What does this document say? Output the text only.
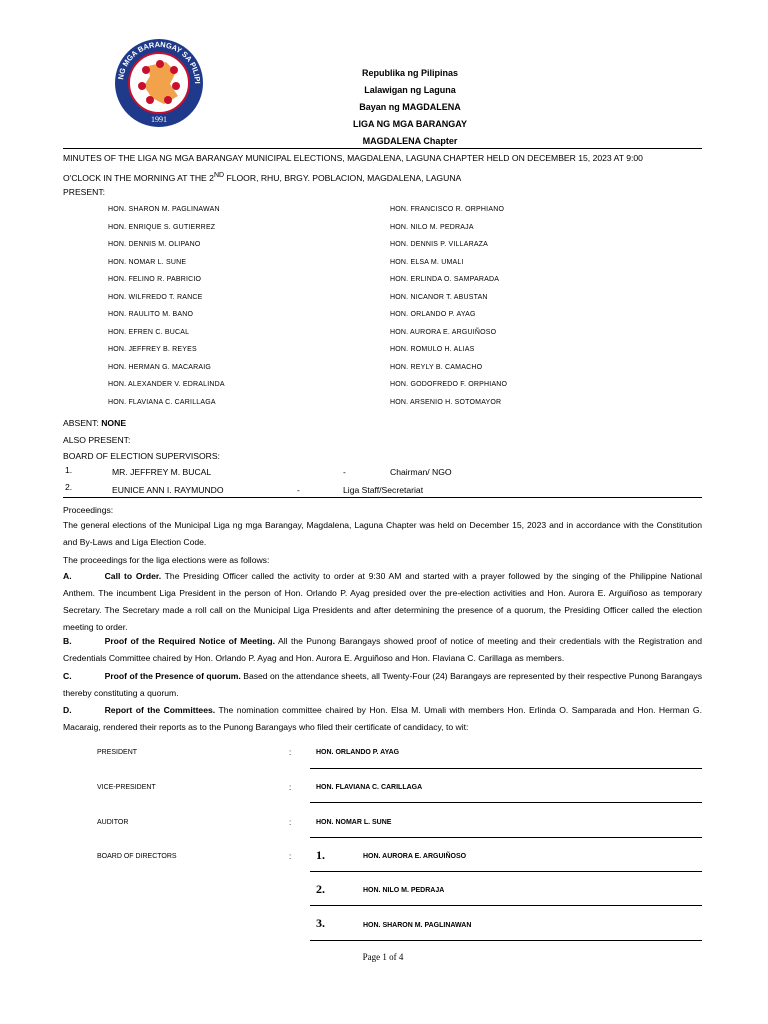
NG MGA BARANGAY SA PILIPI
1991
Republika ng Pilipinas
Lalawigan ng Laguna
Bayan ng MAGDALENA
LIGA NG MGA BARANGAY
MAGDALENA Chapter
MINUTES OF THE LIGA NG MGA BARANGAY MUNICIPAL ELECTIONS, MAGDALENA, LAGUNA CHAPTER HELD ON DECEMBER 15, 2023 AT 9:00
O'CLOCK IN THE MORNING AT THE 2ND FLOOR, RHU, BRGY. POBLACION, MAGDALENA, LAGUNA
PRESENT:
HON. SHARON M. PAGLINAWAN
HON. ENRIQUE S. GUTIERREZ
HON. DENNIS M. OLIPANO
HON. NOMAR L. SUNE
HON. FELINO R. PABRICIO
HON. WILFREDO T. RANCE
HON. RAULITO M. BANO
HON. EFREN C. BUCAL
HON. JEFFREY B. REYES
HON. HERMAN G. MACARAIG
HON. ALEXANDER V. EDRALINDA
HON. FLAVIANA C. CARILLAGA
HON. FRANCISCO R. ORPHIANO
HON. NILO M. PEDRAJA
HON. DENNIS P. VILLARAZA
HON. ELSA M. UMALI
HON. ERLINDA O. SAMPARADA
HON. NICANOR T. ABUSTAN
HON. ORLANDO P. AYAG
HON. AURORA E. ARGUIÑOSO
HON. ROMULO H. ALIAS
HON. REYLY B. CAMACHO
HON. GODOFREDO F. ORPHIANO
HON. ARSENIO H. SOTOMAYOR
ABSENT: NONE
ALSO PRESENT:
BOARD OF ELECTION SUPERVISORS:
1.	MR. JEFFREY M. BUCAL	-	Chairman/ NGO
2.	EUNICE ANN I. RAYMUNDO	-	Liga Staff/Secretariat
Proceedings:
The general elections of the Municipal Liga ng mga Barangay, Magdalena, Laguna Chapter was held on December 15, 2023 and in accordance with the Constitution and By-Laws and Liga Election Code.
The proceedings for the liga elections were as follows:
A.	Call to Order. The Presiding Officer called the activity to order at 9:30 AM and started with a prayer followed by the singing of the Philippine National Anthem. The incumbent Liga President in the person of Hon. Orlando P. Ayag presided over the pre-election activities and Hon. Aurora E. Arguiñoso as temporary Secretary. The Secretary made a roll call on the Municipal Liga Presidents and after determining the presence of a quorum, the Presiding Officer called the election meeting to order.
B.	Proof of the Required Notice of Meeting. All the Punong Barangays showed proof of notice of meeting and their credentials with the Registration and Credentials Committee chaired by Hon. Orlando P. Ayag and Hon. Aurora E. Arguiñoso and Hon. Flaviana C. Carillaga as members.
C.	Proof of the Presence of quorum. Based on the attendance sheets, all Twenty-Four (24) Barangays are represented by their respective Punong Barangays thereby constituting a quorum.
D.	Report of the Committees. The nomination committee chaired by Hon. Elsa M. Umali with members Hon. Erlinda O. Samparada and Hon. Herman G. Macaraig, rendered their reports as to the Punong Barangays who filed their certificate of candidacy, to wit:
PRESIDENT	:	HON. ORLANDO P. AYAG
VICE-PRESIDENT	:	HON. FLAVIANA C. CARILLAGA
AUDITOR	:	HON. NOMAR L. SUNE
BOARD OF DIRECTORS	: 1.	HON. AURORA E. ARGUIÑOSO
2.	HON. NILO M. PEDRAJA
3.	HON. SHARON M. PAGLINAWAN
Page 1 of 4
